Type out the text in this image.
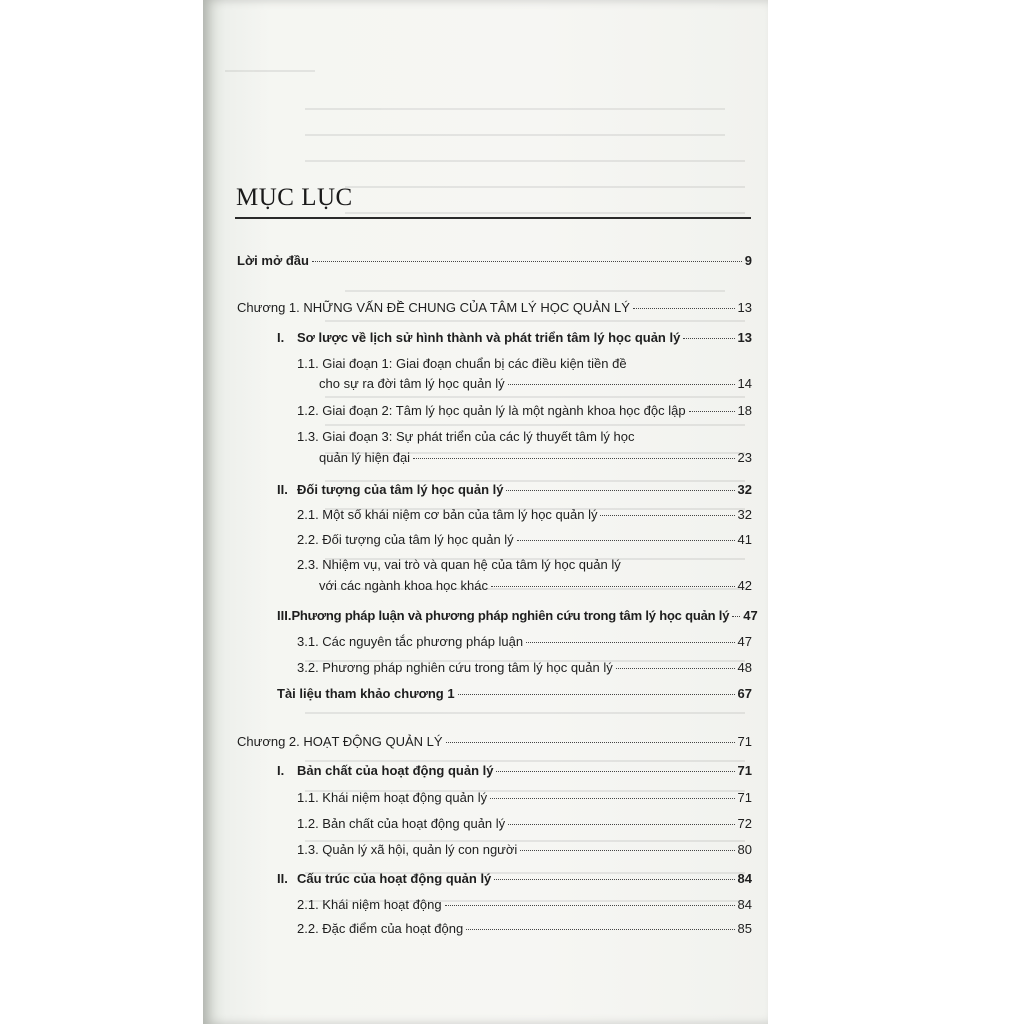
MỤC LỤC
Lời mở đầu	9
Chương 1. NHỮNG VẤN ĐỀ CHUNG CỦA TÂM LÝ HỌC QUẢN LÝ	13
I. Sơ lược về lịch sử hình thành và phát triển tâm lý học quản lý	13
1.1. Giai đoạn 1: Giai đoạn chuẩn bị các điều kiện tiền đề
cho sự ra đời tâm lý học quản lý	14
1.2. Giai đoạn 2: Tâm lý học quản lý là một ngành khoa học độc lập	18
1.3. Giai đoạn 3: Sự phát triển của các lý thuyết tâm lý học
quản lý hiện đại	23
II. Đối tượng của tâm lý học quản lý	32
2.1. Một số khái niệm cơ bản của tâm lý học quản lý	32
2.2. Đối tượng của tâm lý học quản lý	41
2.3. Nhiệm vụ, vai trò và quan hệ của tâm lý học quản lý
với các ngành khoa học khác	42
III. Phương pháp luận và phương pháp nghiên cứu trong tâm lý học quản lý 47
3.1. Các nguyên tắc phương pháp luận	47
3.2. Phương pháp nghiên cứu trong tâm lý học quản lý	48
Tài liệu tham khảo chương 1	67
Chương 2. HOẠT ĐỘNG QUẢN LÝ	71
I. Bản chất của hoạt động quản lý	71
1.1. Khái niệm hoạt động quản lý	71
1.2. Bản chất của hoạt động quản lý	72
1.3. Quản lý xã hội, quản lý con người	80
II. Cấu trúc của hoạt động quản lý	84
2.1. Khái niệm hoạt động	84
2.2. Đặc điểm của hoạt động	85
